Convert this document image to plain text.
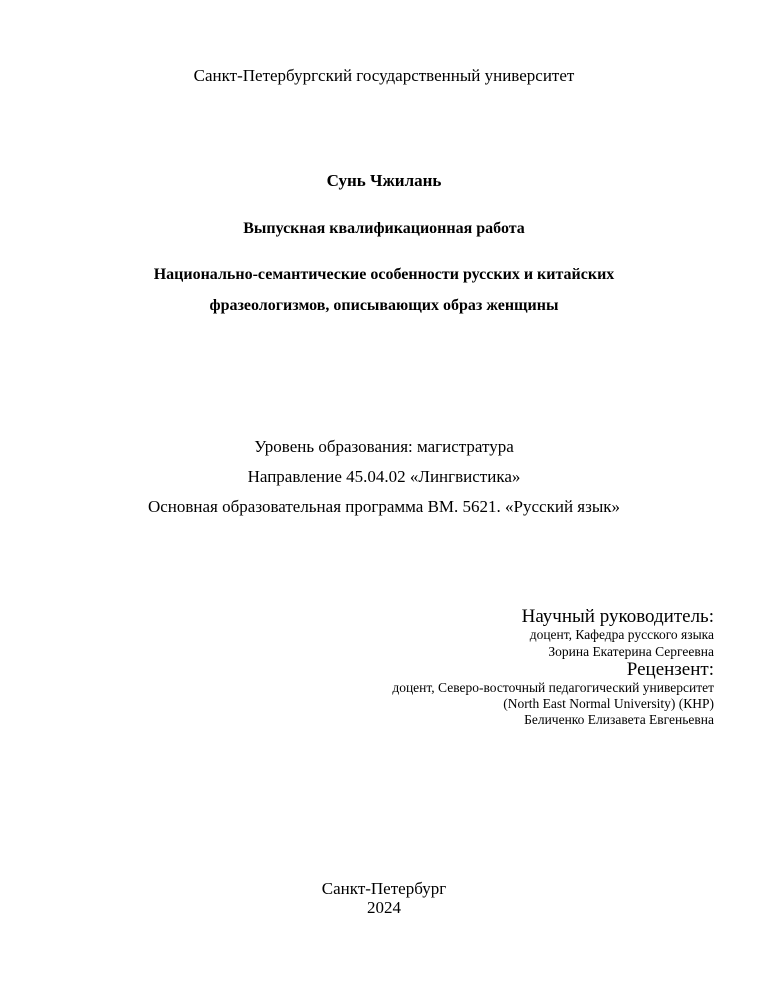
Санкт-Петербургский государственный университет
Сунь Чжилань
Выпускная квалификационная работа
Национально-семантические особенности русских и китайских
фразеологизмов, описывающих образ женщины
Уровень образования: магистратура
Направление 45.04.02 «Лингвистика»
Основная образовательная программа ВМ. 5621. «Русский язык»
Научный руководитель:
доцент, Кафедра русского языка
Зорина Екатерина Сергеевна
Рецензент:
доцент, Северо-восточный педагогический университет
(North East Normal University) (КНР)
Беличенко Елизавета Евгеньевна
Санкт-Петербург
2024
